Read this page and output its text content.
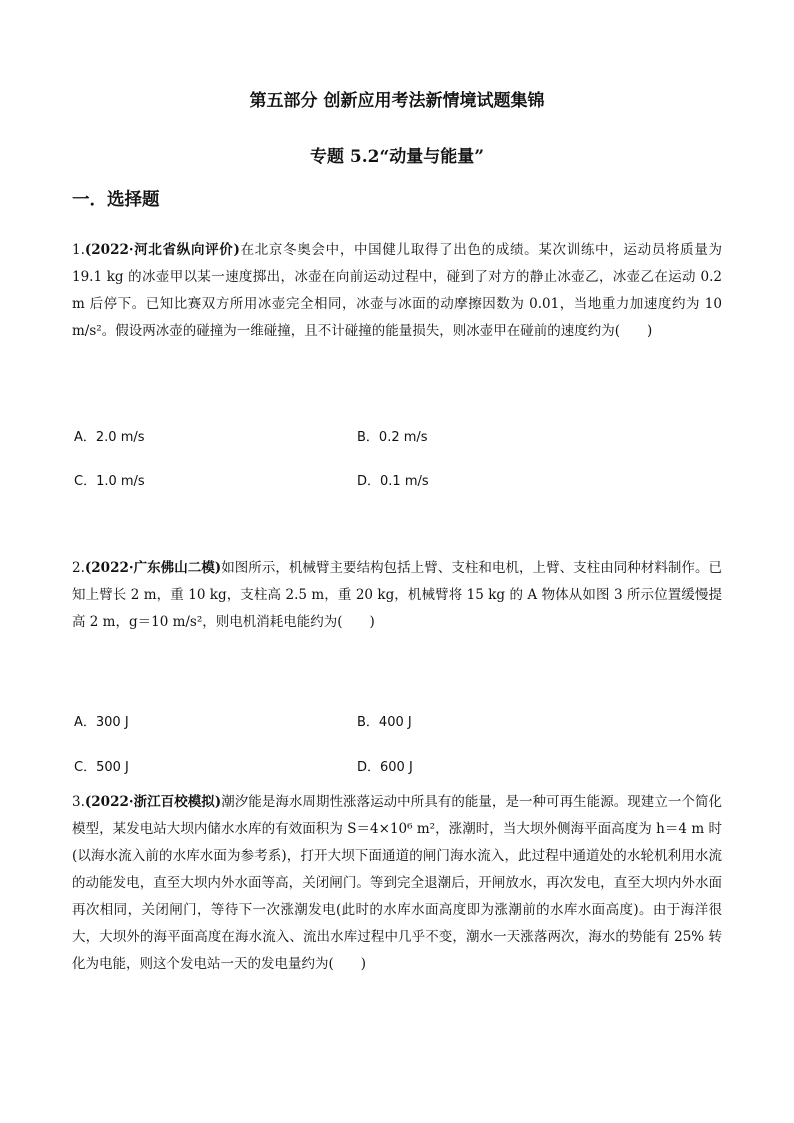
第五部分 创新应用考法新情境试题集锦
专题 5.2“动量与能量”
一．选择题
1.(2022·河北省纵向评价)在北京冬奥会中，中国健儿取得了出色的成绩。某次训练中，运动员将质量为 19.1 kg 的冰壶甲以某一速度掷出，冰壶在向前运动过程中，碰到了对方的静止冰壶乙，冰壶乙在运动 0.2 m 后停下。已知比赛双方所用冰壶完全相同，冰壶与冰面的动摩擦因数为 0.01，当地重力加速度约为 10 m/s²。假设两冰壶的碰撞为一维碰撞，且不计碰撞的能量损失，则冰壶甲在碰前的速度约为(　　)
A．2.0 m/s	B．0.2 m/s
C．1.0 m/s	D．0.1 m/s
2.(2022·广东佛山二模)如图所示，机械臂主要结构包括上臂、支柱和电机，上臂、支柱由同种材料制作。已知上臂长 2 m，重 10 kg，支柱高 2.5 m，重 20 kg，机械臂将 15 kg 的 A 物体从如图 3 所示位置缓慢提高 2 m，g＝10 m/s²，则电机消耗电能约为(　　)
A．300 J	B．400 J
C．500 J	D．600 J
3.(2022·浙江百校模拟)潮汐能是海水周期性涨落运动中所具有的能量，是一种可再生能源。现建立一个简化模型，某发电站大坝内储水水库的有效面积为 S＝4×10⁶ m²，涨潮时，当大坝外侧海平面高度为 h＝4 m 时(以海水流入前的水库水面为参考系)，打开大坝下面通道的闸门海水流入，此过程中通道处的水轮机利用水流的动能发电，直至大坝内外水面等高，关闭闸门。等到完全退潮后，开闸放水，再次发电，直至大坝内外水面再次相同，关闭闸门，等待下一次涨潮发电(此时的水库水面高度即为涨潮前的水库水面高度)。由于海洋很大，大坝外的海平面高度在海水流入、流出水库过程中几乎不变，潮水一天涨落两次，海水的势能有 25% 转化为电能，则这个发电站一天的发电量约为(　　)
